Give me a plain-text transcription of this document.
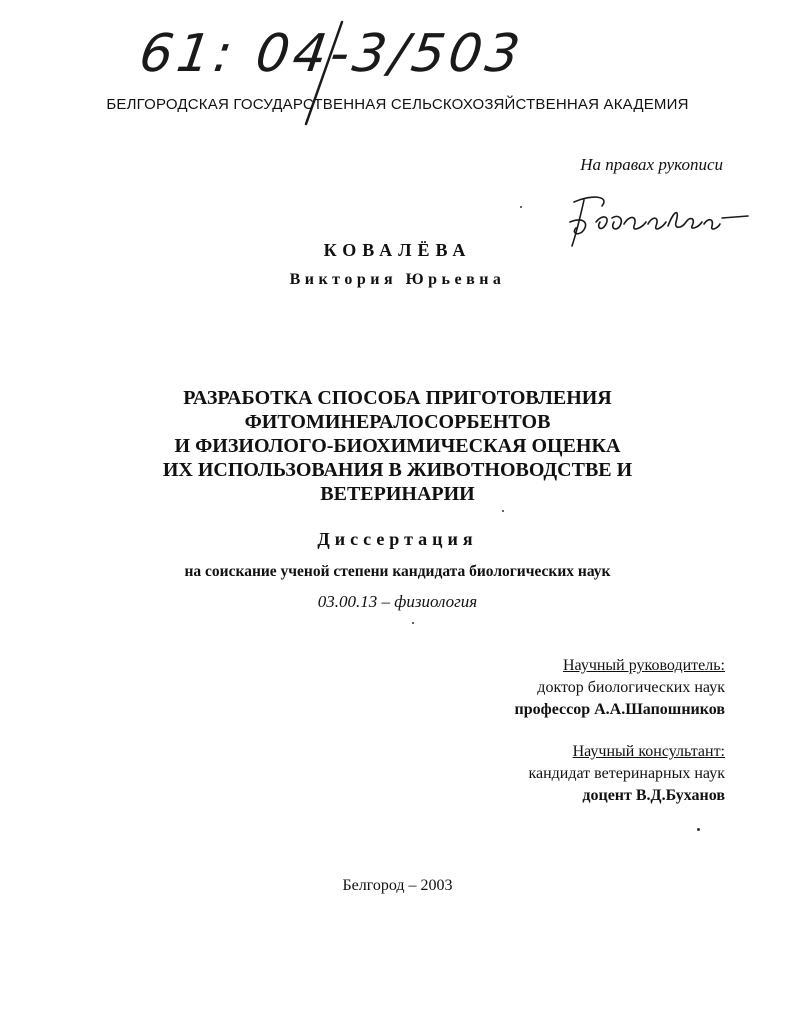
61: 04-3/503
БЕЛГОРОДСКАЯ ГОСУДАРСТВЕННАЯ СЕЛЬСКОХОЗЯЙСТВЕННАЯ АКАДЕМИЯ
На правах рукописи
КОВАЛЁВА
Виктория Юрьевна
РАЗРАБОТКА СПОСОБА ПРИГОТОВЛЕНИЯ
ФИТОМИНЕРАЛОСОРБЕНТОВ
И ФИЗИОЛОГО-БИОХИМИЧЕСКАЯ ОЦЕНКА
ИХ ИСПОЛЬЗОВАНИЯ В ЖИВОТНОВОДСТВЕ И
ВЕТЕРИНАРИИ
Диссертация
на соискание ученой степени кандидата биологических наук
03.00.13 – физиология
Научный руководитель:
доктор биологических наук
профессор А.А.Шапошников
Научный консультант:
кандидат ветеринарных наук
доцент В.Д.Буханов
Белгород – 2003
